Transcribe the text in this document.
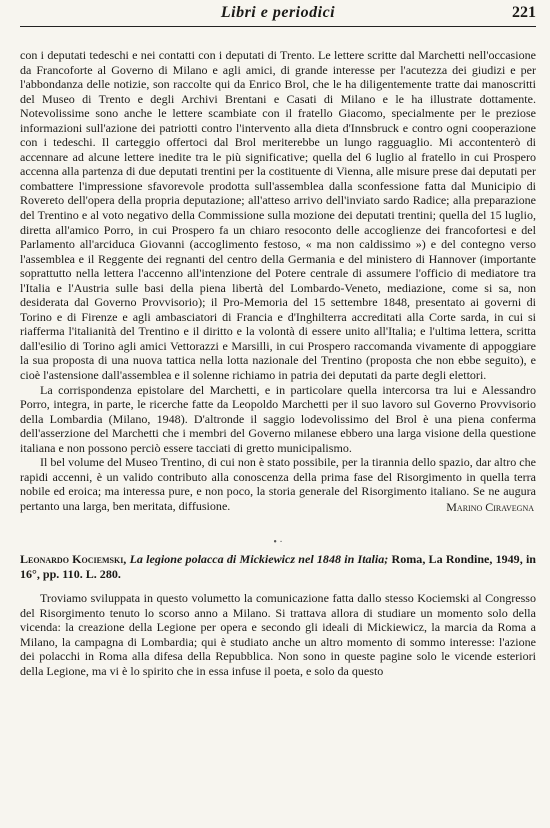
Libri e periodici	221

con i deputati tedeschi e nei contatti con i deputati di Trento. Le lettere scritte dal Marchetti nell'occasione da Francoforte al Governo di Milano e agli amici, di grande interesse per l'acutezza dei giudizi e per l'abbondanza delle notizie, son raccolte qui da Enrico Brol, che le ha diligentemente tratte dai manoscritti del Museo di Trento e degli Archivi Brentani e Casati di Milano e le ha illustrate dottamente. Notevolissime sono anche le lettere scambiate con il fratello Giacomo, specialmente per le preziose informazioni sull'azione dei patriotti contro l'intervento alla dieta d'Innsbruck e contro ogni cooperazione con i tedeschi. Il carteggio offertoci dal Brol meriterebbe un lungo ragguaglio. Mi accontenterò di accennare ad alcune lettere inedite tra le più significative; quella del 6 luglio al fratello in cui Prospero accenna alla partenza di due deputati trentini per la costituente di Vienna, alle misure prese dai deputati per combattere l'impressione sfavorevole prodotta sull'assemblea dalla sconfessione fatta dal Municipio di Rovereto dell'opera della propria deputazione; all'atteso arrivo dell'inviato sardo Radice; alla preparazione del Trentino e al voto negativo della Commissione sulla mozione dei deputati trentini; quella del 15 luglio, diretta all'amico Porro, in cui Prospero fa un chiaro resoconto delle accoglienze dei francofortesi e del Parlamento all'arciduca Giovanni (accoglimento festoso, « ma non caldissimo ») e del contegno verso l'assemblea e il Reggente dei regnanti del centro della Germania e del ministero di Hannover (importante soprattutto nella lettera l'accenno all'intenzione del Potere centrale di assumere l'officio di mediatore tra l'Italia e l'Austria sulle basi della piena libertà del Lombardo-Veneto, mediazione, come si sa, non desiderata dal Governo Provvisorio); il Pro-Memoria del 15 settembre 1848, presentato ai governi di Torino e di Firenze e agli ambasciatori di Francia e d'Inghilterra accreditati alla Corte sarda, in cui si riafferma l'italianità del Trentino e il diritto e la volontà di essere unito all'Italia; e l'ultima lettera, scritta dall'esilio di Torino agli amici Vettorazzi e Marsilli, in cui Prospero raccomanda vivamente di appoggiare la sua proposta di una nuova tattica nella lotta nazionale del Trentino (proposta che non ebbe seguito), e cioè l'astensione dall'assemblea e il solenne richiamo in patria dei deputati da parte degli elettori.

La corrispondenza epistolare del Marchetti, e in particolare quella intercorsa tra lui e Alessandro Porro, integra, in parte, le ricerche fatte da Leopoldo Marchetti per il suo lavoro sul Governo Provvisorio della Lombardia (Milano, 1948). D'altronde il saggio lodevolissimo del Brol è una piena conferma dell'asserzione del Marchetti che i membri del Governo milanese ebbero una larga visione della questione italiana e non possono perciò essere tacciati di gretto municipalismo.

Il bel volume del Museo Trentino, di cui non è stato possibile, per la tirannia dello spazio, dar altro che rapidi accenni, è un valido contributo alla conoscenza della prima fase del Risorgimento in quella terra nobile ed eroica; ma interessa pure, e non poco, la storia generale del Risorgimento italiano. Se ne augura pertanto una larga, ben meritata, diffusione.	Marino Ciravegna
• ·
Leonardo Kociemski, La legione polacca di Mickiewicz nel 1848 in Italia; Roma, La Rondine, 1949, in 16°, pp. 110. L. 280.

Troviamo sviluppata in questo volumetto la comunicazione fatta dallo stesso Kociemski al Congresso del Risorgimento tenuto lo scorso anno a Milano. Si trattava allora di studiare un momento solo della vicenda: la creazione della Legione per opera e secondo gli ideali di Mickiewicz, la marcia da Roma a Milano, la campagna di Lombardia; qui è studiato anche un altro momento di sommo interesse: l'azione dei polacchi in Roma alla difesa della Repubblica. Non sono in queste pagine solo le vicende esteriori della Legione, ma vi è lo spirito che in essa infuse il poeta, e solo da questo
